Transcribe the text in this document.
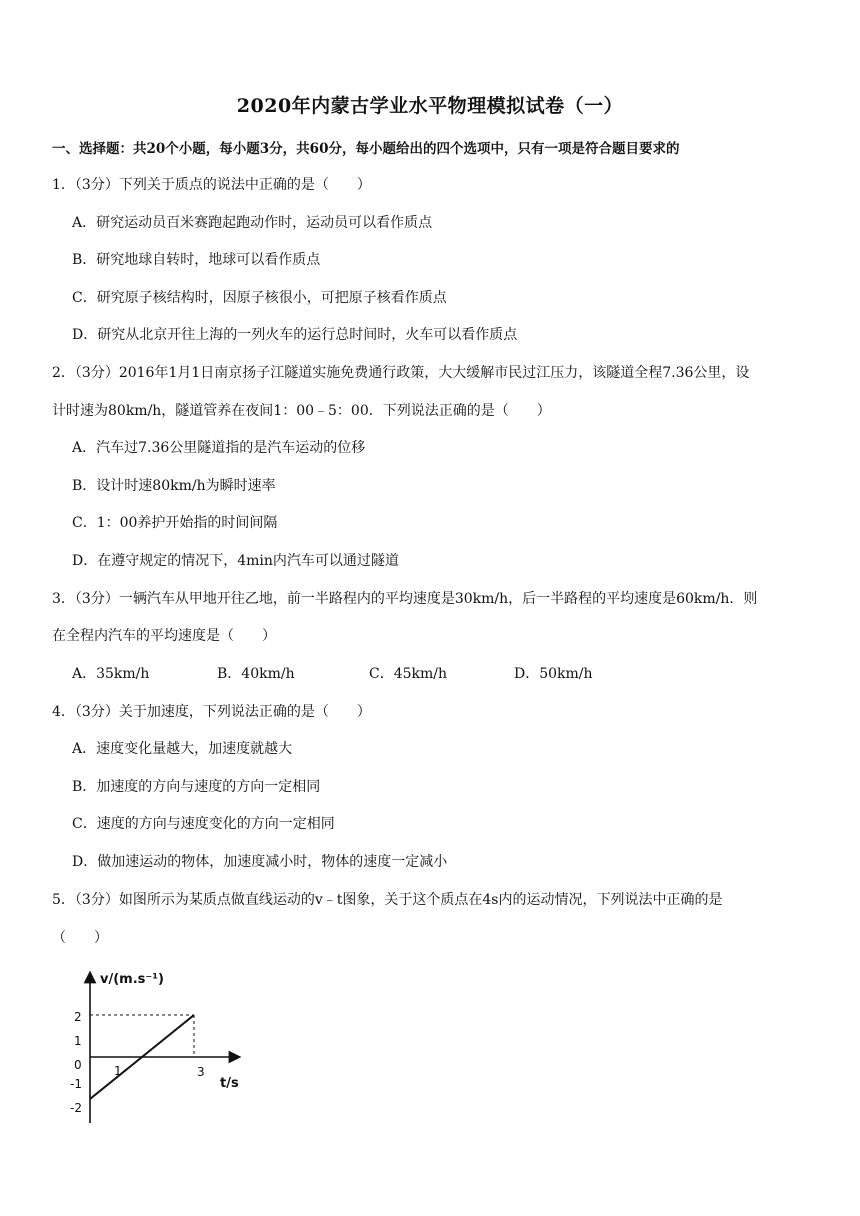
2020年内蒙古学业水平物理模拟试卷（一）
一、选择题：共20个小题，每小题3分，共60分，每小题给出的四个选项中，只有一项是符合题目要求的
1．（3分）下列关于质点的说法中正确的是（　　）
A．研究运动员百米赛跑起跑动作时，运动员可以看作质点
B．研究地球自转时，地球可以看作质点
C．研究原子核结构时，因原子核很小，可把原子核看作质点
D．研究从北京开往上海的一列火车的运行总时间时，火车可以看作质点
2．（3分）2016年1月1日南京扬子江隧道实施免费通行政策，大大缓解市民过江压力，该隧道全程7.36公里，设
计时速为80km/h，隧道管养在夜间1：00﹣5：00．下列说法正确的是（　　）
A．汽车过7.36公里隧道指的是汽车运动的位移
B．设计时速80km/h为瞬时速率
C．1：00养护开始指的时间间隔
D．在遵守规定的情况下，4min内汽车可以通过隧道
3．（3分）一辆汽车从甲地开往乙地，前一半路程内的平均速度是30km/h，后一半路程的平均速度是60km/h．则
在全程内汽车的平均速度是（　　）
A．35km/h	B．40km/h	C．45km/h	D．50km/h
4．（3分）关于加速度，下列说法正确的是（　　）
A．速度变化量越大，加速度就越大
B．加速度的方向与速度的方向一定相同
C．速度的方向与速度变化的方向一定相同
D．做加速运动的物体，加速度减小时，物体的速度一定减小
5．（3分）如图所示为某质点做直线运动的v﹣t图象，关于这个质点在4s内的运动情况，下列说法中正确的是
（　　）
v/(m.s⁻¹)
t/s
2
1
0
-1
-2
1	3
